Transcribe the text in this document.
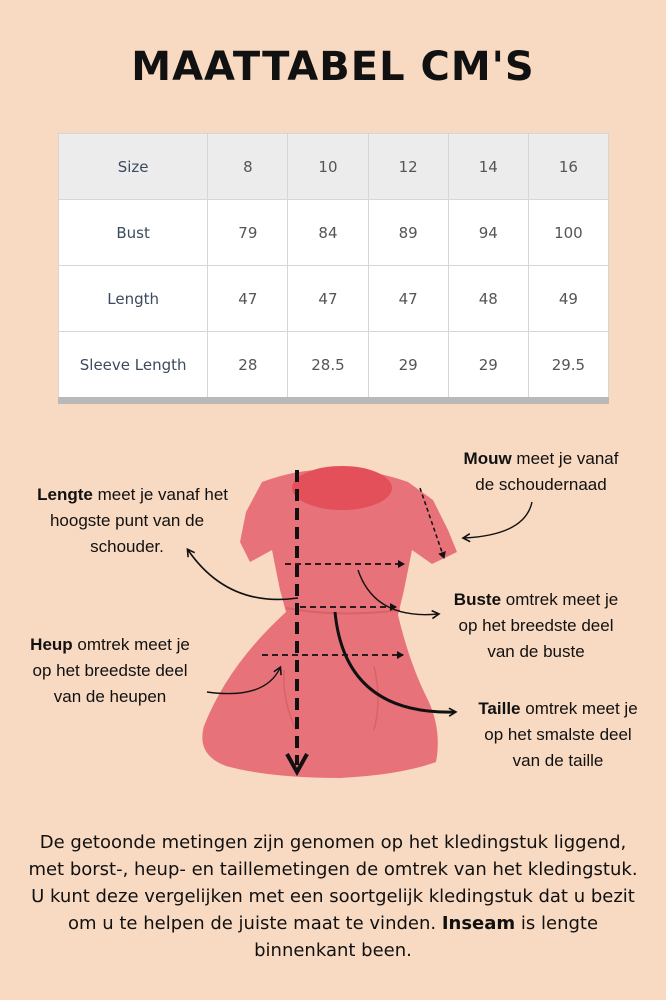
MAATTABEL CM'S
Size	8	10	12	14	16
Bust	79	84	89	94	100
Length	47	47	47	48	49
Sleeve Length	28	28.5	29	29	29.5
Lengte meet je vanaf het
hoogste punt van de
schouder.
Mouw meet je vanaf
de schoudernaad
Buste omtrek meet je
op het breedste deel
van de buste
Heup omtrek meet je
op het breedste deel
van de heupen
Taille omtrek meet je
op het smalste deel
van de taille
De getoonde metingen zijn genomen op het kledingstuk liggend, met borst-, heup- en taillemetingen de omtrek van het kledingstuk. U kunt deze vergelijken met een soortgelijk kledingstuk dat u bezit om u te helpen de juiste maat te vinden. Inseam is lengte binnenkant been.
